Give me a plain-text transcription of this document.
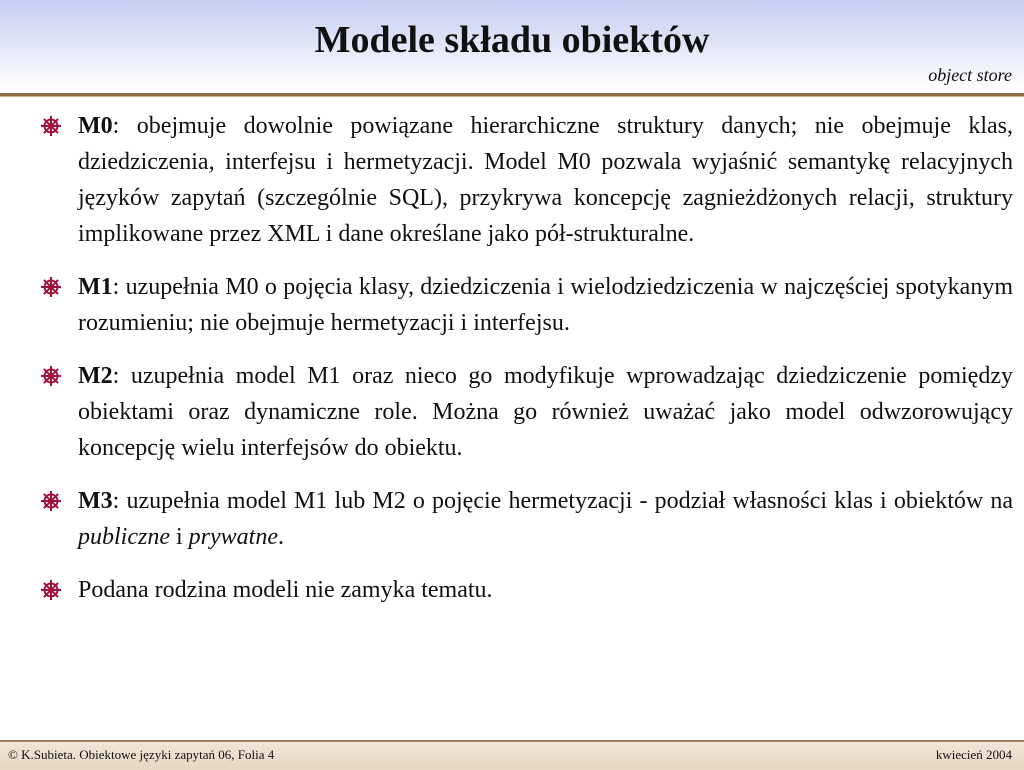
Modele składu obiektów
object store
M0: obejmuje dowolnie powiązane hierarchiczne struktury danych; nie obejmuje klas, dziedziczenia, interfejsu i hermetyzacji. Model M0 pozwala wyjaśnić semantykę relacyjnych języków zapytań (szczególnie SQL), przykrywa koncepcję zagnieżdżonych relacji, struktury implikowane przez XML i dane określane jako pół-strukturalne.
M1: uzupełnia M0 o pojęcia klasy, dziedziczenia i wielodziedziczenia w najczęściej spotykanym rozumieniu; nie obejmuje hermetyzacji i interfejsu.
M2: uzupełnia model M1 oraz nieco go modyfikuje wprowadzając dziedziczenie pomiędzy obiektami oraz dynamiczne role. Można go również uważać jako model odwzorowujący koncepcję wielu interfejsów do obiektu.
M3: uzupełnia model M1 lub M2 o pojęcie hermetyzacji - podział własności klas i obiektów na publiczne i prywatne.
Podana rodzina modeli nie zamyka tematu.
© K.Subieta. Obiektowe języki zapytań 06, Folia 4	kwiecień 2004
